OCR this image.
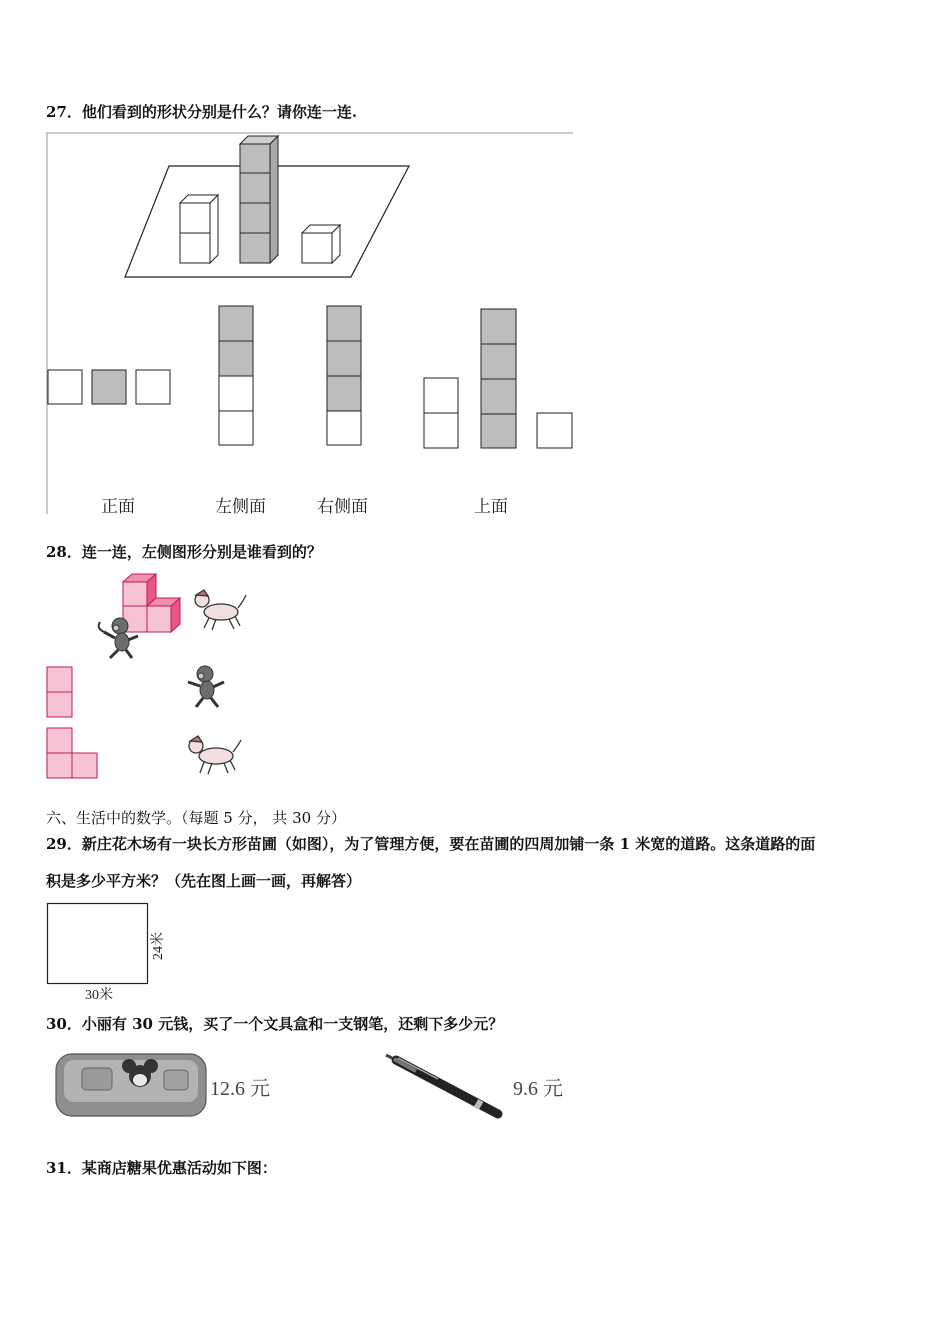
27．他们看到的形状分别是什么？请你连一连.
正面	左侧面	右侧面	上面
28．连一连，左侧图形分别是谁看到的？
六、生活中的数学。（每题 5 分， 共 30 分）
29．新庄花木场有一块长方形苗圃（如图），为了管理方便，要在苗圃的四周加铺一条 1 米宽的道路。这条道路的面
积是多少平方米？（先在图上画一画，再解答）
30米
24米
30．小丽有 30 元钱，买了一个文具盒和一支钢笔，还剩下多少元？
12.6 元	9.6 元
31．某商店糖果优惠活动如下图：
